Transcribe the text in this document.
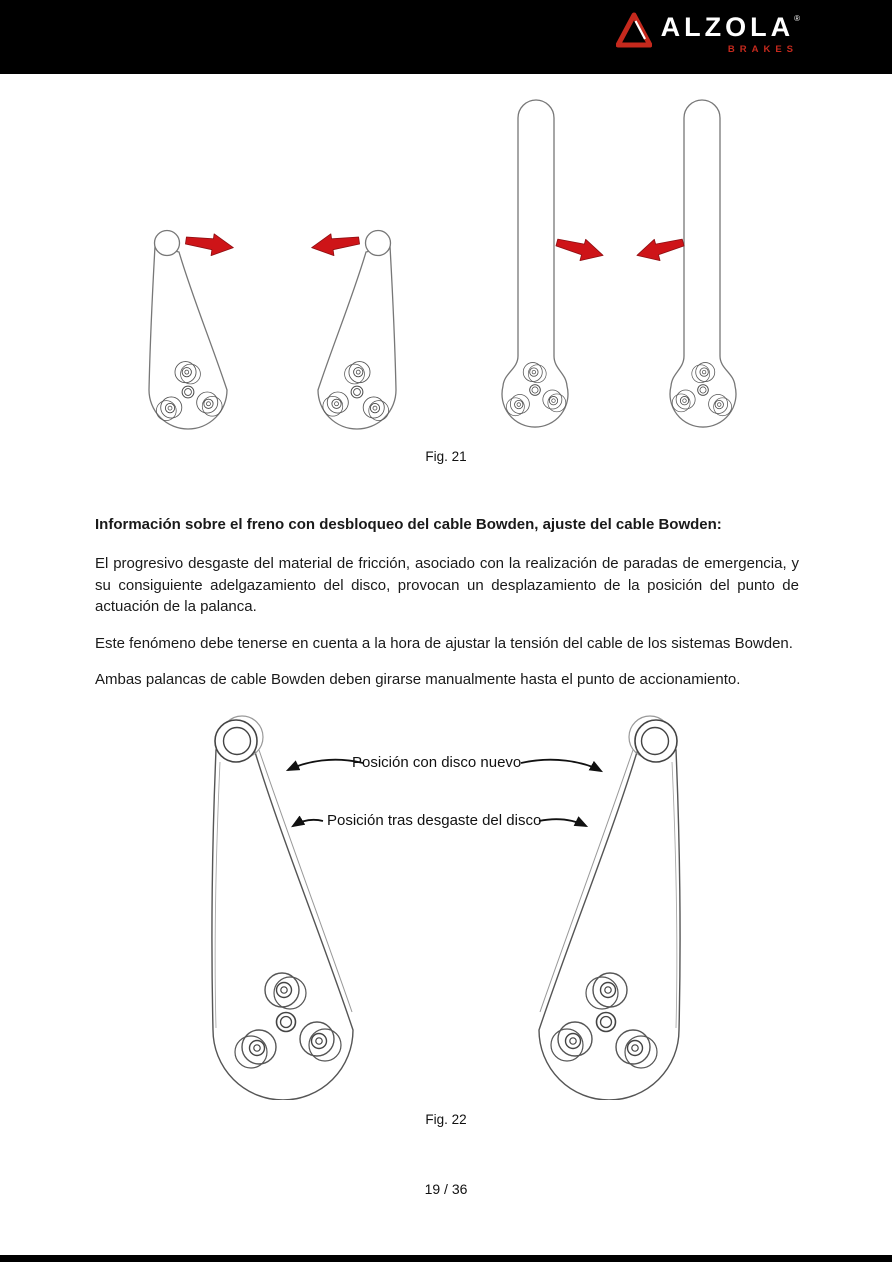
ALZOLA ®
BRAKES
Fig. 21
Información sobre el freno con desbloqueo del cable Bowden, ajuste del cable Bowden:

El progresivo desgaste del material de fricción, asociado con la realización de paradas de emergencia, y su consiguiente adelgazamiento del disco, provocan un desplazamiento de la posición del punto de actuación de la palanca.

Este fenómeno debe tenerse en cuenta a la hora de ajustar la tensión del cable de los sistemas Bowden.

Ambas palancas de cable Bowden deben girarse manualmente hasta el punto de accionamiento.

Posición con disco nuevo
Posición tras desgaste del disco
Fig. 22
19 / 36
